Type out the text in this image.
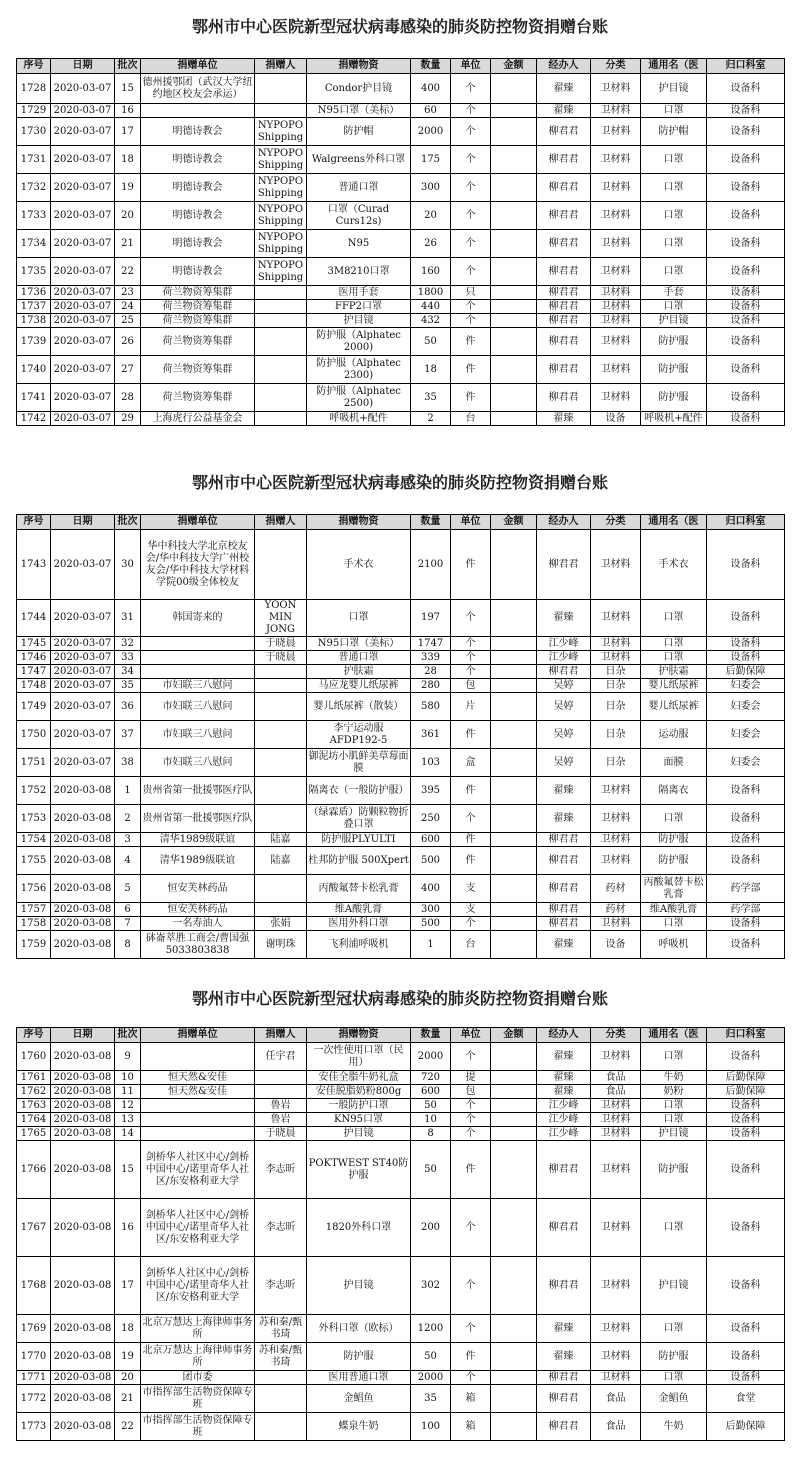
鄂州市中心医院新型冠状病毒感染的肺炎防控物资捐赠台账
序号	日期	批次	捐赠单位	捐赠人	捐赠物资	数量	单位	金额	经办人	分类	通用名（医	归口科室
1728	2020-03-07	15	德州援鄂团（武汉大学纽约地区校友会承运）		Condor护目镜	400	个		翟臻	卫材料	护目镜	设备科
1729	2020-03-07	16			N95口罩（美标）	60	个		翟臻	卫材料	口罩	设备科
1730	2020-03-07	17	明德诗教会	NYPOPO Shipping	防护帽	2000	个		柳君君	卫材料	防护帽	设备科
1731	2020-03-07	18	明德诗教会	NYPOPO Shipping	Walgreens外科口罩	175	个		柳君君	卫材料	口罩	设备科
1732	2020-03-07	19	明德诗教会	NYPOPO Shipping	普通口罩	300	个		柳君君	卫材料	口罩	设备科
1733	2020-03-07	20	明德诗教会	NYPOPO Shipping	口罩（Curad Curs12s)	20	个		柳君君	卫材料	口罩	设备科
1734	2020-03-07	21	明德诗教会	NYPOPO Shipping	N95	26	个		柳君君	卫材料	口罩	设备科
1735	2020-03-07	22	明德诗教会	NYPOPO Shipping	3M8210口罩	160	个		柳君君	卫材料	口罩	设备科
1736	2020-03-07	23	荷兰物资筹集群		医用手套	1800	只		柳君君	卫材料	手套	设备科
1737	2020-03-07	24	荷兰物资筹集群		FFP2口罩	440	个		柳君君	卫材料	口罩	设备科
1738	2020-03-07	25	荷兰物资筹集群		护目镜	432	个		柳君君	卫材料	护目镜	设备科
1739	2020-03-07	26	荷兰物资筹集群		防护服（Alphatec 2000)	50	件		柳君君	卫材料	防护服	设备科
1740	2020-03-07	27	荷兰物资筹集群		防护服（Alphatec 2300)	18	件		柳君君	卫材料	防护服	设备科
1741	2020-03-07	28	荷兰物资筹集群		防护服（Alphatec 2500)	35	件		柳君君	卫材料	防护服	设备科
1742	2020-03-07	29	上海虎行公益基金会		呼吸机+配件	2	台		翟臻	设备	呼吸机+配件	设备科
鄂州市中心医院新型冠状病毒感染的肺炎防控物资捐赠台账
序号	日期	批次	捐赠单位	捐赠人	捐赠物资	数量	单位	金额	经办人	分类	通用名（医	归口科室
1743	2020-03-07	30	华中科技大学北京校友会/华中科技大学广州校友会/华中科技大学材料学院00级全体校友		手术衣	2100	件		柳君君	卫材料	手术衣	设备科
1744	2020-03-07	31	韩国寄来的	YOON MIN JONG	口罩	197	个		翟臻	卫材料	口罩	设备科
1745	2020-03-07	32		于晓晨	N95口罩（美标）	1747	个		江少峰	卫材料	口罩	设备科
1746	2020-03-07	33		于晓晨	普通口罩	339	个		江少峰	卫材料	口罩	设备科
1747	2020-03-07	34			护肤霜	28	个		柳君君	日杂	护肤霜	后勤保障
1748	2020-03-07	35	市妇联三八慰问		马应龙婴儿纸尿裤	280	包		吴婷	日杂	婴儿纸尿裤	妇委会
1749	2020-03-07	36	市妇联三八慰问		婴儿纸尿裤（散装）	580	片		吴婷	日杂	婴儿纸尿裤	妇委会
1750	2020-03-07	37	市妇联三八慰问		李宁运动服 AFDP192-5	361	件		吴婷	日杂	运动服	妇委会
1751	2020-03-07	38	市妇联三八慰问		御泥坊小肌鲜美草莓面膜	103	盒		吴婷	日杂	面膜	妇委会
1752	2020-03-08	1	贵州省第一批援鄂医疗队		隔离衣（一般防护服）	395	件		翟臻	卫材料	隔离衣	设备科
1753	2020-03-08	2	贵州省第一批援鄂医疗队		（绿霖盾）防颗粒物折叠口罩	250	个		翟臻	卫材料	口罩	设备科
1754	2020-03-08	3	清华1989级联谊	陆嘉	防护服PLYULTI	600	件		柳君君	卫材料	防护服	设备科
1755	2020-03-08	4	清华1989级联谊	陆嘉	杜邦防护服 500Xpert	500	件		柳君君	卫材料	防护服	设备科
1756	2020-03-08	5	恒安芙林药品		丙酸氟替卡松乳膏	400	支		柳君君	药材	丙酸氟替卡松乳膏	药学部
1757	2020-03-08	6	恒安芙林药品		维A酸乳膏	300	支		柳君君	药材	维A酸乳膏	药学部
1758	2020-03-08	7	一名寿油人	张娟	医用外科口罩	500	个		柳君君	卫材料	口罩	设备科
1759	2020-03-08	8	砵崙萃胜工商会/曹国强5033803838	谢明珠	飞利浦呼吸机	1	台		翟臻	设备	呼吸机	设备科
鄂州市中心医院新型冠状病毒感染的肺炎防控物资捐赠台账
序号	日期	批次	捐赠单位	捐赠人	捐赠物资	数量	单位	金额	经办人	分类	通用名（医	归口科室
1760	2020-03-08	9		任宇君	一次性使用口罩（民用）	2000	个		翟臻	卫材料	口罩	设备科
1761	2020-03-08	10	恒天然&安佳		安佳全脂牛奶礼盒	720	提		翟臻	食品	牛奶	后勤保障
1762	2020-03-08	11	恒天然&安佳		安佳脱脂奶粉800g	600	包		翟臻	食品	奶粉	后勤保障
1763	2020-03-08	12		鲁岩	一般防护口罩	50	个		江少峰	卫材料	口罩	设备科
1764	2020-03-08	13		鲁岩	KN95口罩	10	个		江少峰	卫材料	口罩	设备科
1765	2020-03-08	14		于晓晨	护目镜	8	个		江少峰	卫材料	护目镜	设备科
1766	2020-03-08	15	剑桥华人社区中心/剑桥中国中心/诺里奇华人社区/东安格利亚大学	李志昕	POKTWEST ST40防护服	50	件		柳君君	卫材料	防护服	设备科
1767	2020-03-08	16	剑桥华人社区中心/剑桥中国中心/诺里奇华人社区/东安格利亚大学	李志昕	1820外科口罩	200	个		柳君君	卫材料	口罩	设备科
1768	2020-03-08	17	剑桥华人社区中心/剑桥中国中心/诺里奇华人社区/东安格利亚大学	李志昕	护目镜	302	个		柳君君	卫材料	护目镜	设备科
1769	2020-03-08	18	北京万慧达上海律师事务所	苏和秦/甄书琦	外科口罩（欧标）	1200	个		翟臻	卫材料	口罩	设备科
1770	2020-03-08	19	北京万慧达上海律师事务所	苏和秦/甄书琦	防护服	50	件		翟臻	卫材料	防护服	设备科
1771	2020-03-08	20	团市委		医用普通口罩	2000	个		柳君君	卫材料	口罩	设备科
1772	2020-03-08	21	市指挥部生活物资保障专班		金鲳鱼	35	箱		柳君君	食品	金鲳鱼	食堂
1773	2020-03-08	22	市指挥部生活物资保障专班		蝶泉牛奶	100	箱		柳君君	食品	牛奶	后勤保障
